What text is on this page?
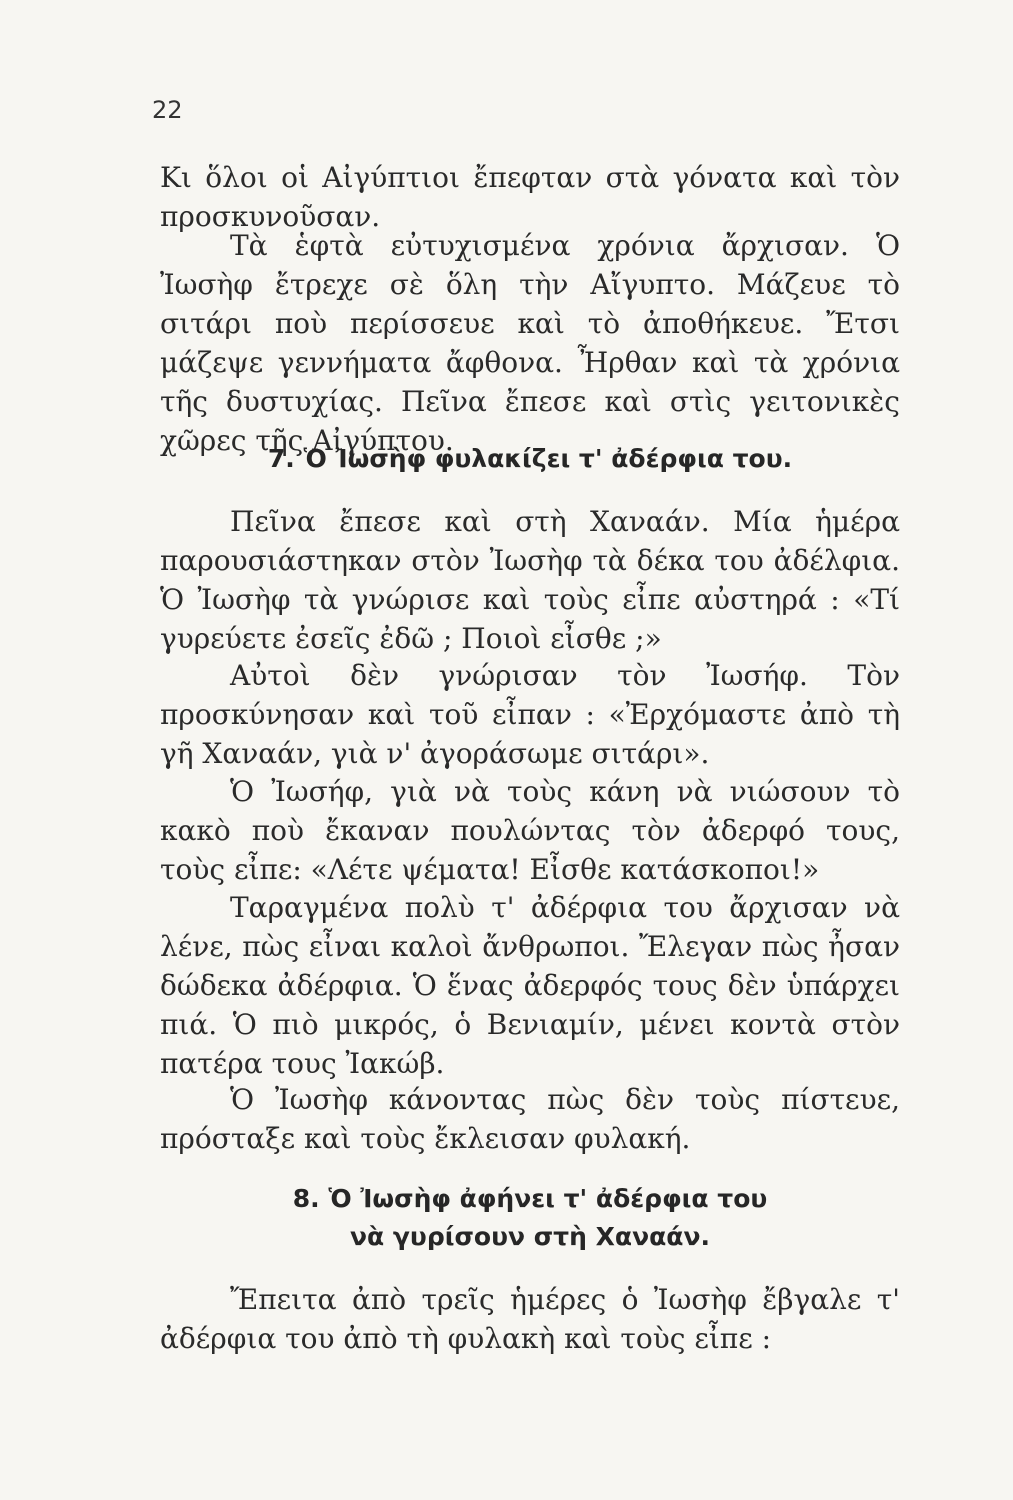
22

Κι ὅλοι οἱ Αἰγύπτιοι ἔπεφταν στὰ γόνατα καὶ τὸν προσκυνοῦσαν.

Τὰ ἑφτὰ εὐτυχισμένα χρόνια ἄρχισαν. Ὁ Ἰωσὴφ ἔτρεχε σὲ ὅλη τὴν Αἴγυπτο. Μάζευε τὸ σιτάρι ποὺ περίσσευε καὶ τὸ ἀποθήκευε. Ἔτσι μάζεψε γεννήματα ἄφθονα. Ἦρθαν καὶ τὰ χρόνια τῆς δυστυχίας. Πεῖνα ἔπεσε καὶ στὶς γειτονικὲς χῶρες τῆς Αἰγύπτου.

7. Ὁ Ἰωσὴφ φυλακίζει τ' ἀδέρφια του.

Πεῖνα ἔπεσε καὶ στὴ Χαναάν. Μία ἡμέρα παρουσιάστηκαν στὸν Ἰωσὴφ τὰ δέκα του ἀδέλφια. Ὁ Ἰωσὴφ τὰ γνώρισε καὶ τοὺς εἶπε αὐστηρά : «Τί γυρεύετε ἐσεῖς ἐδῶ ; Ποιοὶ εἶσθε ;»

Αὐτοὶ δὲν γνώρισαν τὸν Ἰωσήφ. Τὸν προσκύνησαν καὶ τοῦ εἶπαν : «Ἐρχόμαστε ἀπὸ τὴ γῆ Χαναάν, γιὰ ν' ἀγοράσωμε σιτάρι».

Ὁ Ἰωσήφ, γιὰ νὰ τοὺς κάνη νὰ νιώσουν τὸ κακὸ ποὺ ἔκαναν πουλώντας τὸν ἀδερφό τους, τοὺς εἶπε: «Λέτε ψέματα! Εἶσθε κατάσκοποι!»

Ταραγμένα πολὺ τ' ἀδέρφια του ἄρχισαν νὰ λένε, πὼς εἶναι καλοὶ ἄνθρωποι. Ἔλεγαν πὼς ἦσαν δώδεκα ἀδέρφια. Ὁ ἕνας ἀδερφός τους δὲν ὑπάρχει πιά. Ὁ πιὸ μικρός, ὁ Βενιαμίν, μένει κοντὰ στὸν πατέρα τους Ἰακώβ.

Ὁ Ἰωσὴφ κάνοντας πὼς δὲν τοὺς πίστευε, πρόσταξε καὶ τοὺς ἔκλεισαν φυλακή.

8. Ὁ Ἰωσὴφ ἀφήνει τ' ἀδέρφια του
νὰ γυρίσουν στὴ Χαναάν.

Ἔπειτα ἀπὸ τρεῖς ἡμέρες ὁ Ἰωσὴφ ἔβγαλε τ' ἀδέρφια του ἀπὸ τὴ φυλακὴ καὶ τοὺς εἶπε :
